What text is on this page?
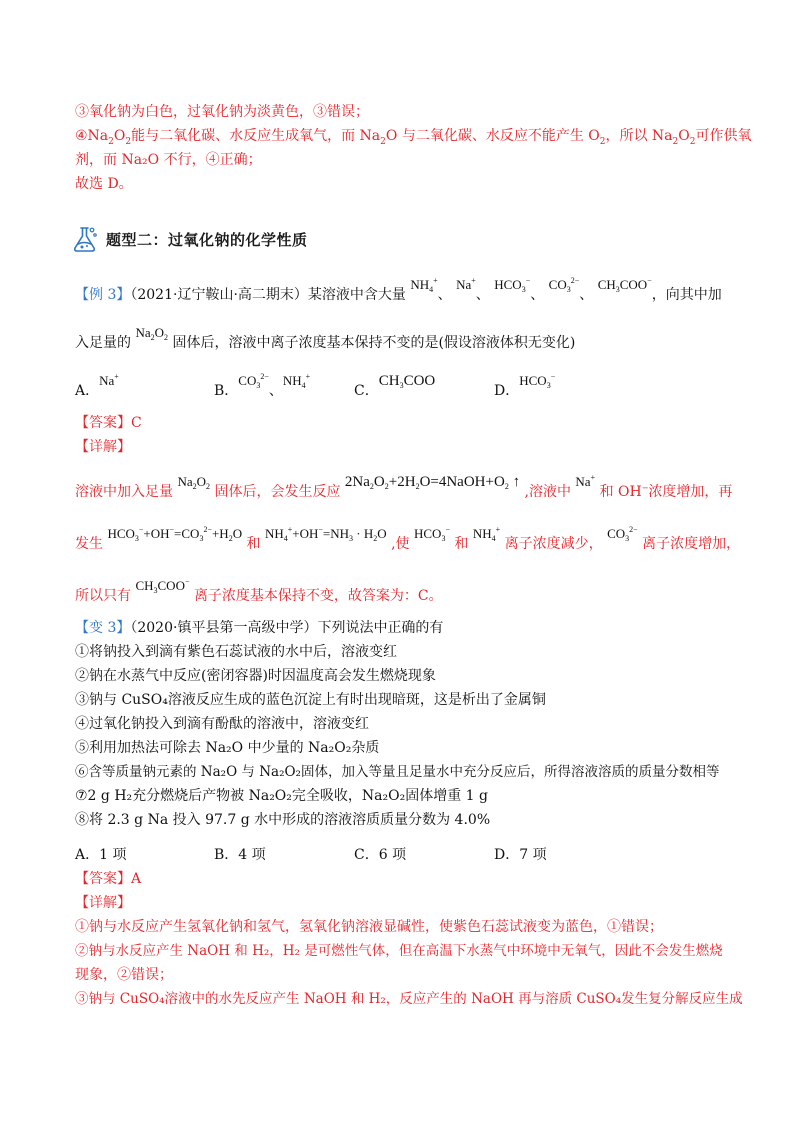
③氧化钠为白色，过氧化钠为淡黄色，③错误；
$④Na_2O_2$能与二氧化碳、水反应生成氧气，而 $Na_2O$ 与二氧化碳、水反应不能产生 $O_2$，所以 $Na_2O_2$可作供氧
剂，而 Na₂O 不行，④正确；
故选 D。
题型二：过氧化钠的化学性质
【例 3】（2021·辽宁鞍山·高二期末）某溶液中含大量 $NH_4^+$、 Na+、 $HCO_3^-$、 $CO_3^{2-}$、 $CH_3COO^-$，向其中加
入足量的 $Na_2O_2$ 固体后，溶液中离子浓度基本保持不变的是(假设溶液体积无变化)
A．Na+
B．$CO_3^{2-}$、$NH_4^+$
C．$CH_3COO$
D．$HCO_3^-$
【答案】C
【详解】
溶液中加入足量 $Na_2O_2$ 固体后，会发生反应 $2Na_2O_2+2H_2O=4NaOH+O_2$ ↑ ,溶液中 Na+ 和 OH−浓度增加，再
发生 $HCO_3^-+OH^-=CO_3^{2-}+H_2O$ 和 $NH_4^++OH^-=NH_3 \cdot H_2O$ ,使 $HCO_3^-$ 和 $NH_4^+$ 离子浓度减少， $CO_3^{2-}$ 离子浓度增加，
所以只有 $CH_3COO^-$ 离子浓度基本保持不变，故答案为：C。
【变 3】（2020·镇平县第一高级中学）下列说法中正确的有
①将钠投入到滴有紫色石蕊试液的水中后，溶液变红
②钠在水蒸气中反应(密闭容器)时因温度高会发生燃烧现象
③钠与 CuSO₄溶液反应生成的蓝色沉淀上有时出现暗斑，这是析出了金属铜
④过氧化钠投入到滴有酚酞的溶液中，溶液变红
⑤利用加热法可除去 Na₂O 中少量的 Na₂O₂杂质
⑥含等质量钠元素的 Na₂O 与 Na₂O₂固体，加入等量且足量水中充分反应后，所得溶液溶质的质量分数相等
⑦2 g H₂充分燃烧后产物被 Na₂O₂完全吸收，Na₂O₂固体增重 1 g
⑧将 2.3 g Na 投入 97.7 g 水中形成的溶液溶质质量分数为 4.0%
A．1 项	B．4 项	C．6 项	D．7 项
【答案】A
【详解】
①钠与水反应产生氢氧化钠和氢气，氢氧化钠溶液显碱性，使紫色石蕊试液变为蓝色，①错误；
②钠与水反应产生 NaOH 和 H₂，H₂ 是可燃性气体，但在高温下水蒸气中环境中无氧气，因此不会发生燃烧
现象，②错误；
③钠与 CuSO₄溶液中的水先反应产生 NaOH 和 H₂，反应产生的 NaOH 再与溶质 CuSO₄发生复分解反应生成
